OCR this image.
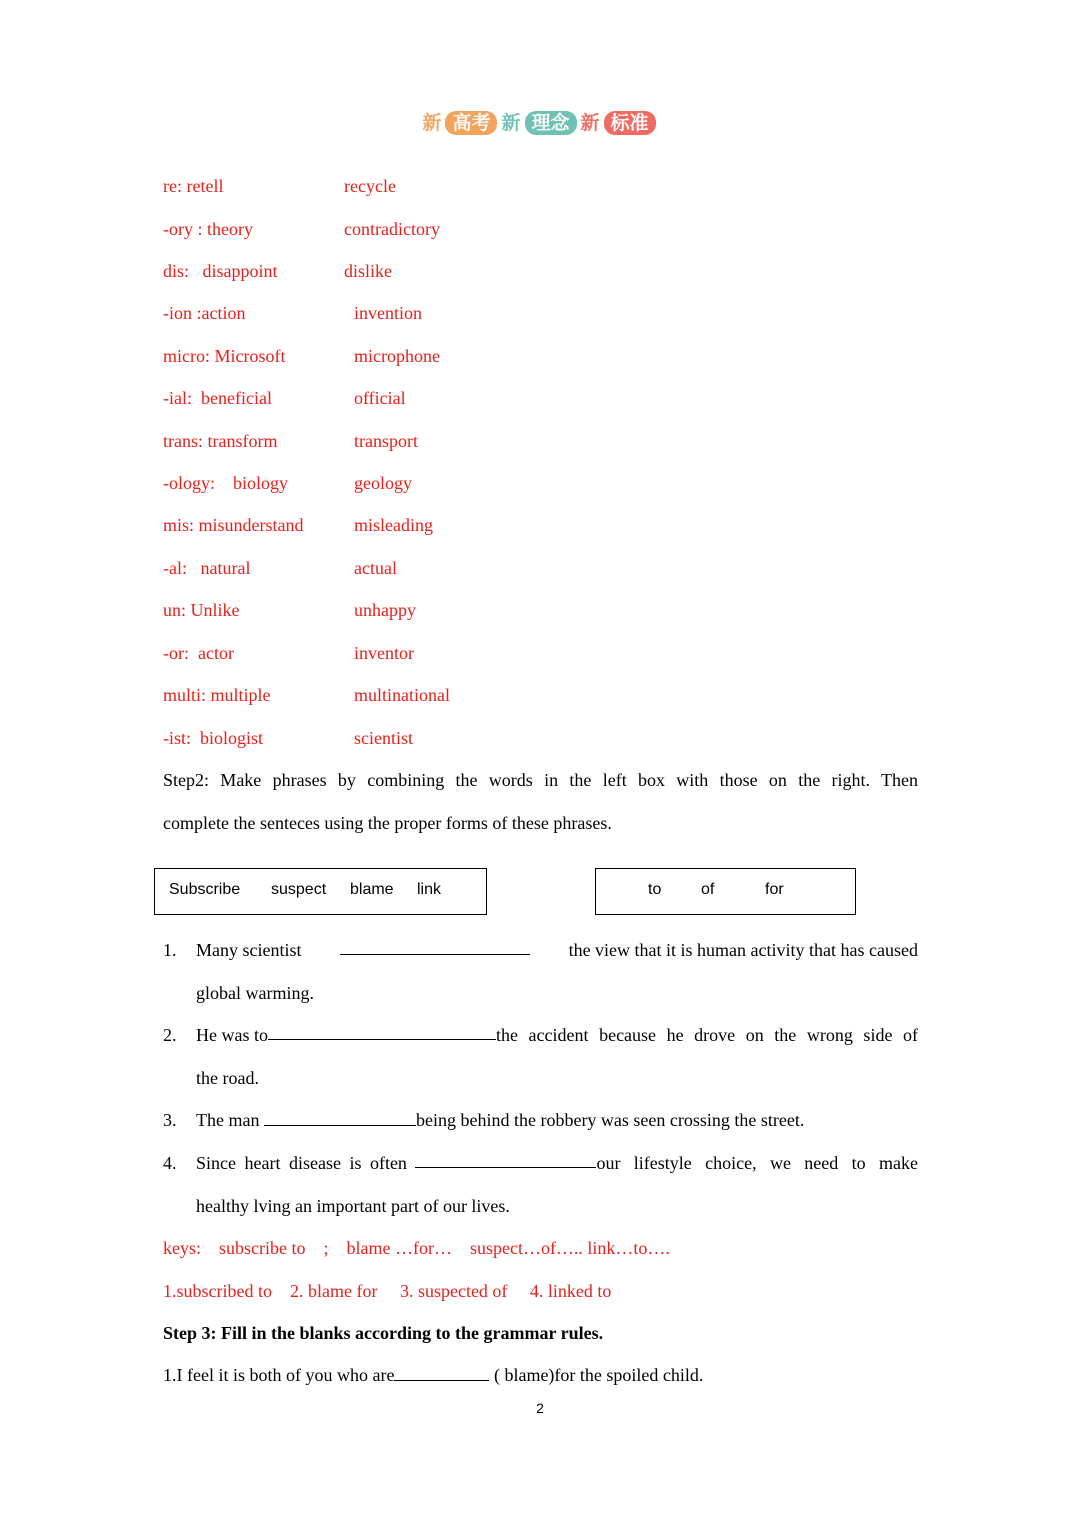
新 高考 新 理念 新 标准
re: retell	recycle
-ory : theory	contradictory
dis:   disappoint	dislike
-ion :action	invention
micro: Microsoft	microphone
-ial:  beneficial	official
trans: transform	transport
-ology:    biology	geology
mis: misunderstand	misleading
-al:   natural	actual
un: Unlike	unhappy
-or:  actor	inventor
multi: multiple	multinational
-ist:  biologist	scientist
Step2: Make phrases by combining the words in the left box with those on the right. Then
complete the senteces using the proper forms of these phrases.
Subscribe suspect blame link	to of	for
1. Many scientist	the view that it is human activity that has caused
global warming.
2. He was to	the accident because he drove on the wrong side of
the road.
3. The man	being behind the robbery was seen crossing the street.
4. Since heart disease is often	our lifestyle choice, we need to make
healthy lving an important part of our lives.
keys:    subscribe to    ;    blame …for…    suspect…of….. link…to….
1.subscribed to    2. blame for     3. suspected of     4. linked to
Step 3: Fill in the blanks according to the grammar rules.
1.I feel it is both of you who are	( blame)for the spoiled child.
2
